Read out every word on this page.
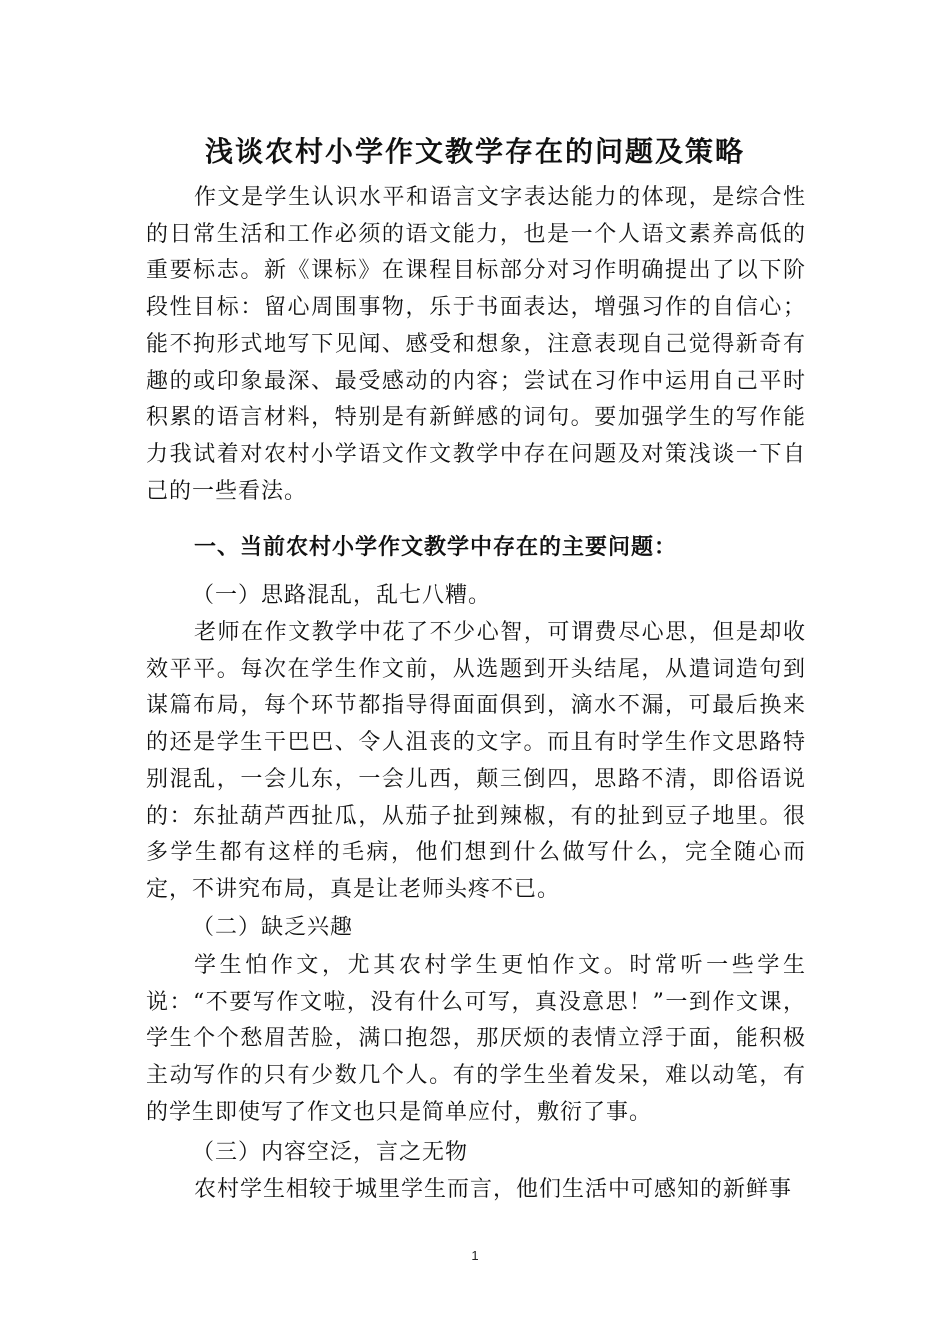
浅谈农村小学作文教学存在的问题及策略
作文是学生认识水平和语言文字表达能力的体现，是综合性的日常生活和工作必须的语文能力，也是一个人语文素养高低的重要标志。新《课标》在课程目标部分对习作明确提出了以下阶段性目标：留心周围事物，乐于书面表达，增强习作的自信心；能不拘形式地写下见闻、感受和想象，注意表现自己觉得新奇有趣的或印象最深、最受感动的内容；尝试在习作中运用自己平时积累的语言材料，特别是有新鲜感的词句。要加强学生的写作能力我试着对农村小学语文作文教学中存在问题及对策浅谈一下自己的一些看法。
一、当前农村小学作文教学中存在的主要问题：
（一）思路混乱，乱七八糟。
老师在作文教学中花了不少心智，可谓费尽心思，但是却收效平平。每次在学生作文前，从选题到开头结尾，从遣词造句到谋篇布局，每个环节都指导得面面俱到，滴水不漏，可最后换来的还是学生干巴巴、令人沮丧的文字。而且有时学生作文思路特别混乱，一会儿东，一会儿西，颠三倒四，思路不清，即俗语说的：东扯葫芦西扯瓜，从茄子扯到辣椒，有的扯到豆子地里。很多学生都有这样的毛病，他们想到什么做写什么，完全随心而定，不讲究布局，真是让老师头疼不已。
（二）缺乏兴趣
学生怕作文，尤其农村学生更怕作文。时常听一些学生说：“不要写作文啦，没有什么可写，真没意思！”一到作文课，学生个个愁眉苦脸，满口抱怨，那厌烦的表情立浮于面，能积极主动写作的只有少数几个人。有的学生坐着发呆，难以动笔，有的学生即使写了作文也只是简单应付，敷衍了事。
（三）内容空泛，言之无物
农村学生相较于城里学生而言，他们生活中可感知的新鲜事
1
